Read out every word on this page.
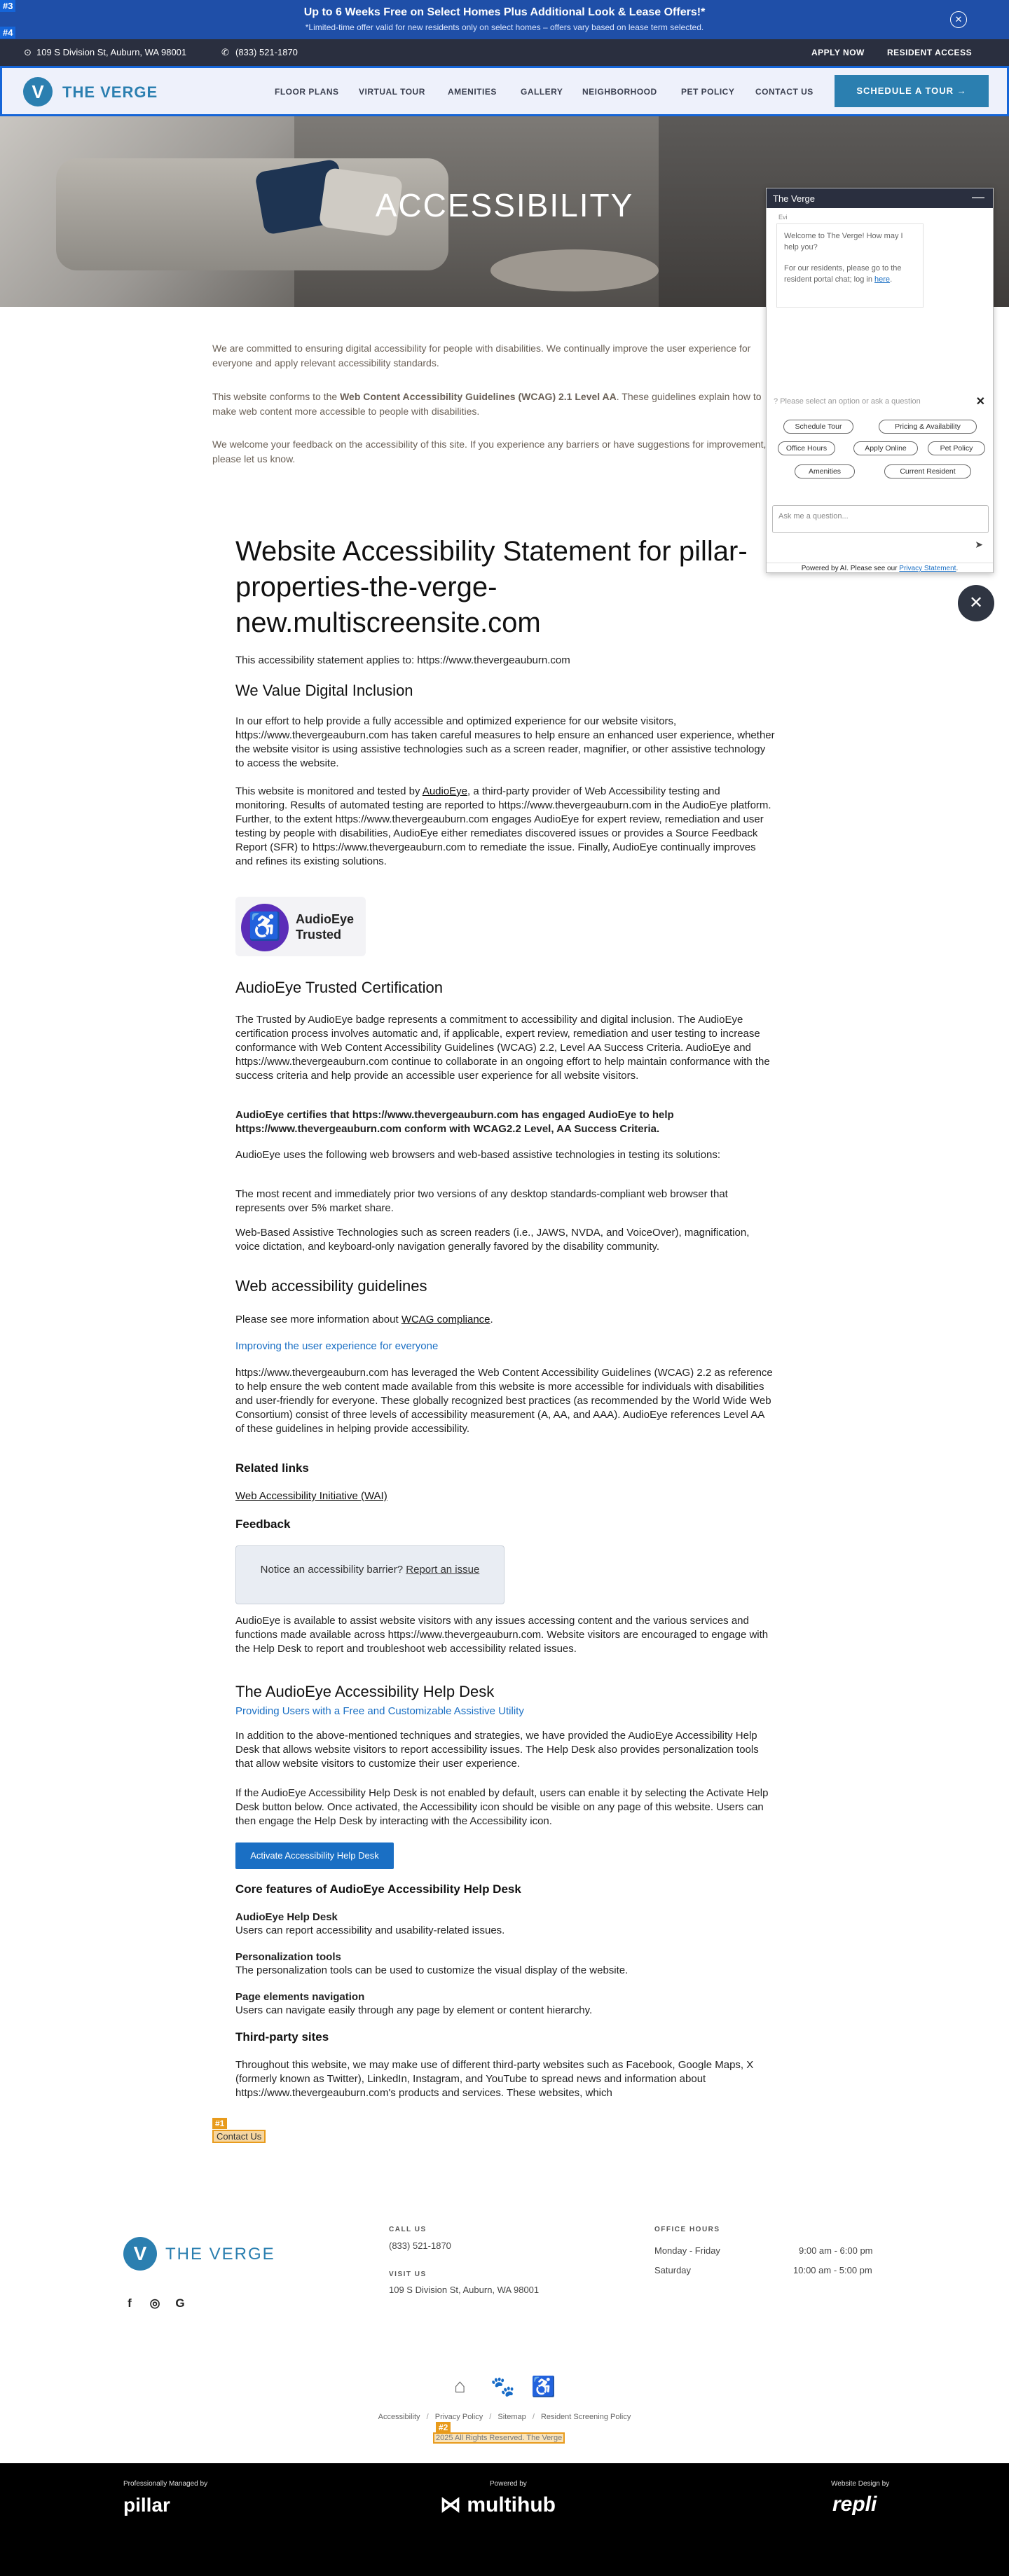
#3
#4
Up to 6 Weeks Free on Select Homes Plus Additional Look & Lease Offers!*
*Limited-time offer valid for new residents only on select homes – offers vary based on lease term selected.
✕
⊙ 109 S Division St, Auburn, WA 98001	✆ (833) 521-1870	APPLY NOW	RESIDENT ACCESS
V	THE VERGE	FLOOR PLANS VIRTUAL TOUR	AMENITIES	GALLERY NEIGHBORHOOD	PET POLICY CONTACT US	SCHEDULE A TOUR →
ACCESSIBILITY

We are committed to ensuring digital accessibility for people with disabilities. We continually improve the user experience for everyone and apply relevant accessibility standards.

This website conforms to the Web Content Accessibility Guidelines (WCAG) 2.1 Level AA. These guidelines explain how to make web content more accessible to people with disabilities.

We welcome your feedback on the accessibility of this site. If you experience any barriers or have suggestions for improvement, please let us know.

Website Accessibility Statement for pillar-properties-the-verge-new.multiscreensite.com

This accessibility statement applies to: https://www.thevergeauburn.com

We Value Digital Inclusion

In our effort to help provide a fully accessible and optimized experience for our website visitors, https://www.thevergeauburn.com has taken careful measures to help ensure an enhanced user experience, whether the website visitor is using assistive technologies such as a screen reader, magnifier, or other assistive technology to access the website.

This website is monitored and tested by AudioEye, a third-party provider of Web Accessibility testing and monitoring. Results of automated testing are reported to https://www.thevergeauburn.com in the AudioEye platform. Further, to the extent https://www.thevergeauburn.com engages AudioEye for expert review, remediation and user testing by people with disabilities, AudioEye either remediates discovered issues or provides a Source Feedback Report (SFR) to https://www.thevergeauburn.com to remediate the issue. Finally, AudioEye continually improves and refines its existing solutions.

AudioEye Trusted Certification

The Trusted by AudioEye badge represents a commitment to accessibility and digital inclusion. The AudioEye certification process involves automatic and, if applicable, expert review, remediation and user testing to increase conformance with Web Content Accessibility Guidelines (WCAG) 2.2, Level AA Success Criteria. AudioEye and https://www.thevergeauburn.com continue to collaborate in an ongoing effort to help maintain conformance with the success criteria and help provide an accessible user experience for all website visitors.

AudioEye certifies that https://www.thevergeauburn.com has engaged AudioEye to help https://www.thevergeauburn.com conform with WCAG2.2 Level, AA Success Criteria.

AudioEye uses the following web browsers and web-based assistive technologies in testing its solutions:

The most recent and immediately prior two versions of any desktop standards-compliant web browser that represents over 5% market share.

Web-Based Assistive Technologies such as screen readers (i.e., JAWS, NVDA, and VoiceOver), magnification, voice dictation, and keyboard-only navigation generally favored by the disability community.

Web accessibility guidelines

Please see more information about WCAG compliance.

Improving the user experience for everyone

https://www.thevergeauburn.com has leveraged the Web Content Accessibility Guidelines (WCAG) 2.2 as reference to help ensure the web content made available from this website is more accessible for individuals with disabilities and user-friendly for everyone. These globally recognized best practices (as recommended by the World Wide Web Consortium) consist of three levels of accessibility measurement (A, AA, and AAA). AudioEye references Level AA of these guidelines in helping provide accessibility.

Related links

Web Accessibility Initiative (WAI)

Feedback

AudioEye is available to assist website visitors with any issues accessing content and the various services and functions made available across https://www.thevergeauburn.com. Website visitors are encouraged to engage with the Help Desk to report and troubleshoot web accessibility related issues.

The AudioEye Accessibility Help Desk

Providing Users with a Free and Customizable Assistive Utility

In addition to the above-mentioned techniques and strategies, we have provided the AudioEye Accessibility Help Desk that allows website visitors to report accessibility issues. The Help Desk also provides personalization tools that allow website visitors to customize their user experience.

If the AudioEye Accessibility Help Desk is not enabled by default, users can enable it by selecting the Activate Help Desk button below. Once activated, the Accessibility icon should be visible on any page of this website. Users can then engage the Help Desk by interacting with the Accessibility icon.

Core features of AudioEye Accessibility Help Desk

AudioEye Help Desk

Users can report accessibility and usability-related issues.

Personalization tools

The personalization tools can be used to customize the visual display of the website.

Page elements navigation

Users can navigate easily through any page by element or content hierarchy.

Third-party sites

Throughout this website, we may make use of different third-party websites such as Facebook, Google Maps, X (formerly known as Twitter), LinkedIn, Instagram, and YouTube to spread news and information about https://www.thevergeauburn.com's products and services. These websites, which

♿	AudioEye
Trusted
Notice an accessibility barrier? Report an issue
Activate Accessibility Help Desk
#1
Contact Us
The Verge	—
Evi
Welcome to The Verge! How may I help you?
For our residents, please go to the resident portal chat; log in here.
? Please select an option or ask a question	✕
Schedule Tour	Pricing & Availability
Office Hours	Apply Online	Pet Policy
Amenities	Current Resident
Ask me a question...
➤
Powered by AI. Please see our Privacy Statement.
✕
V	THE VERGE
f	◎ G
CALL US
(833) 521-1870
VISIT US
109 S Division St, Auburn, WA 98001
OFFICE HOURS
Monday - Friday	9:00 am - 6:00 pm
Saturday	10:00 am - 5:00 pm
⌂ 🐾 ♿
Accessibility / Privacy Policy / Sitemap / Resident Screening Policy
#2
2025 All Rights Reserved. The Verge
Professionally Managed by
pillar
Powered by
⋈ multihub
Website Design by
repli
